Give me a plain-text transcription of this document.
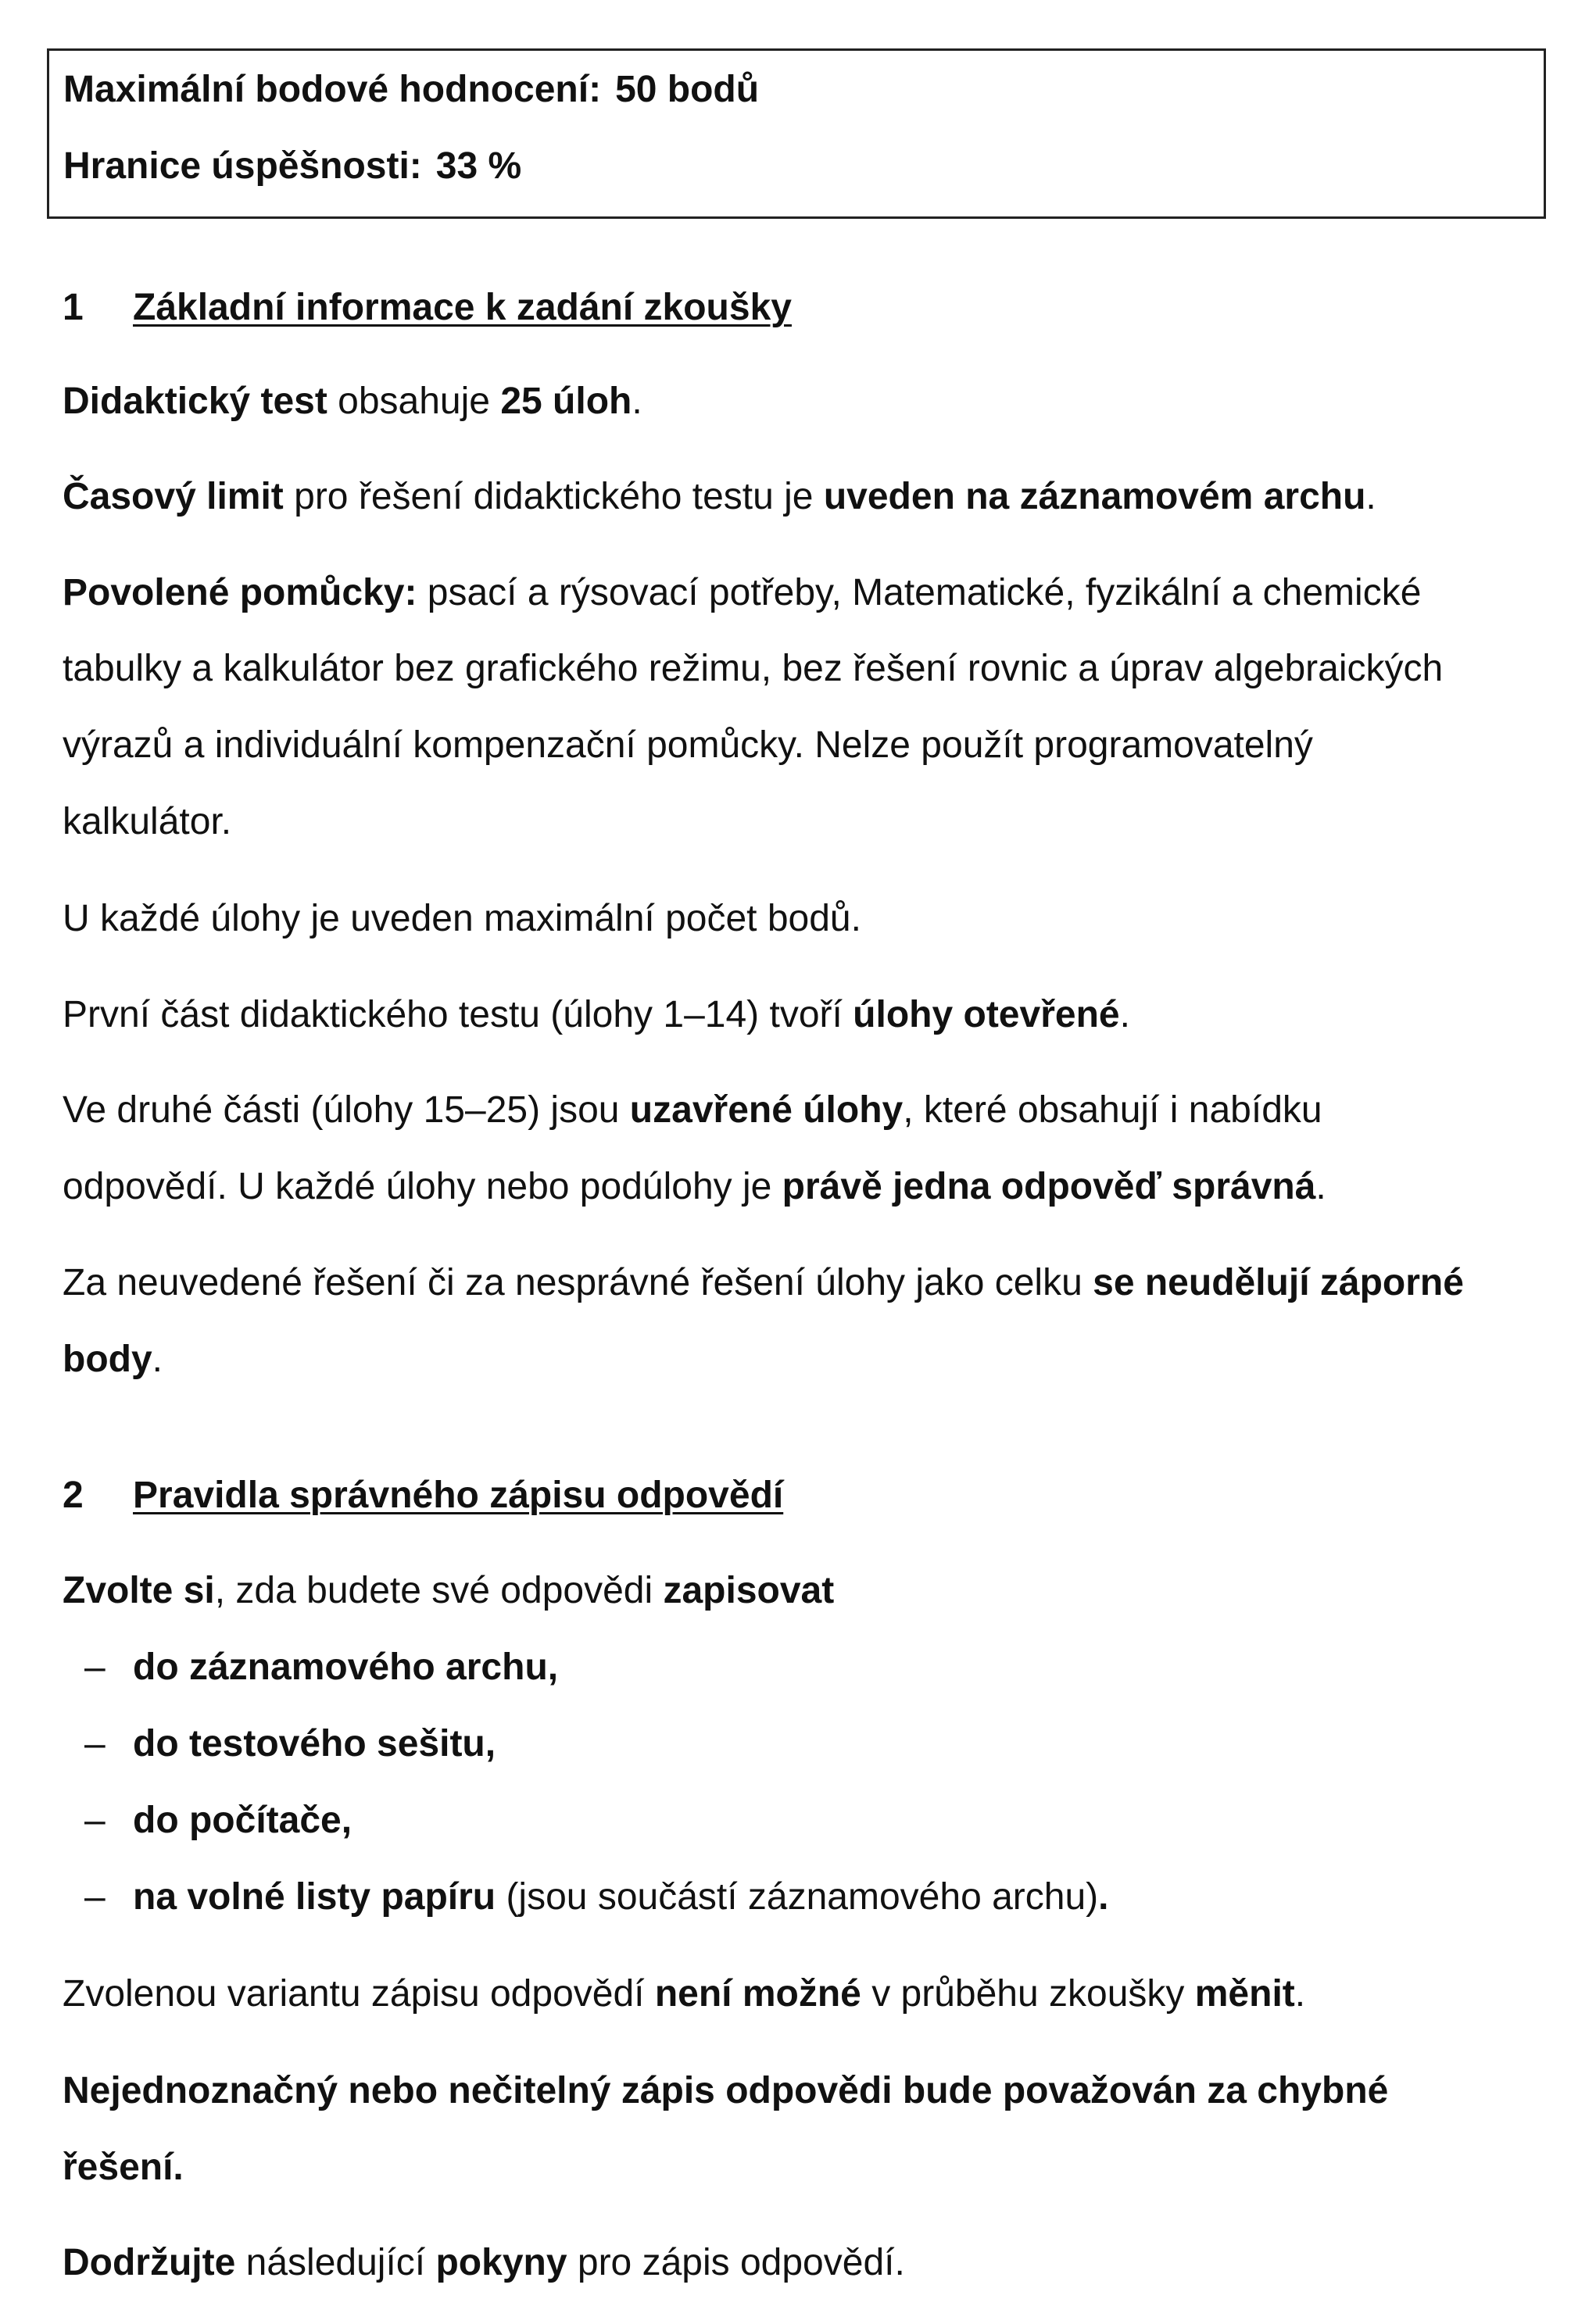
Maximální bodové hodnocení: 50 bodů
Hranice úspěšnosti: 33 %
1 Základní informace k zadání zkoušky
Didaktický test obsahuje 25 úloh.
Časový limit pro řešení didaktického testu je uveden na záznamovém archu.
Povolené pomůcky: psací a rýsovací potřeby, Matematické, fyzikální a chemické
tabulky a kalkulátor bez grafického režimu, bez řešení rovnic a úprav algebraických
výrazů a individuální kompenzační pomůcky. Nelze použít programovatelný
kalkulátor.
U každé úlohy je uveden maximální počet bodů.
První část didaktického testu (úlohy 1–14) tvoří úlohy otevřené.
Ve druhé části (úlohy 15–25) jsou uzavřené úlohy, které obsahují i nabídku
odpovědí. U každé úlohy nebo podúlohy je právě jedna odpověď správná.
Za neuvedené řešení či za nesprávné řešení úlohy jako celku se neudělují záporné
body.
2 Pravidla správného zápisu odpovědí
Zvolte si, zda budete své odpovědi zapisovat
– do záznamového archu,
– do testového sešitu,
– do počítače,
– na volné listy papíru (jsou součástí záznamového archu).
Zvolenou variantu zápisu odpovědí není možné v průběhu zkoušky měnit.
Nejednoznačný nebo nečitelný zápis odpovědi bude považován za chybné
řešení.
Dodržujte následující pokyny pro zápis odpovědí.
